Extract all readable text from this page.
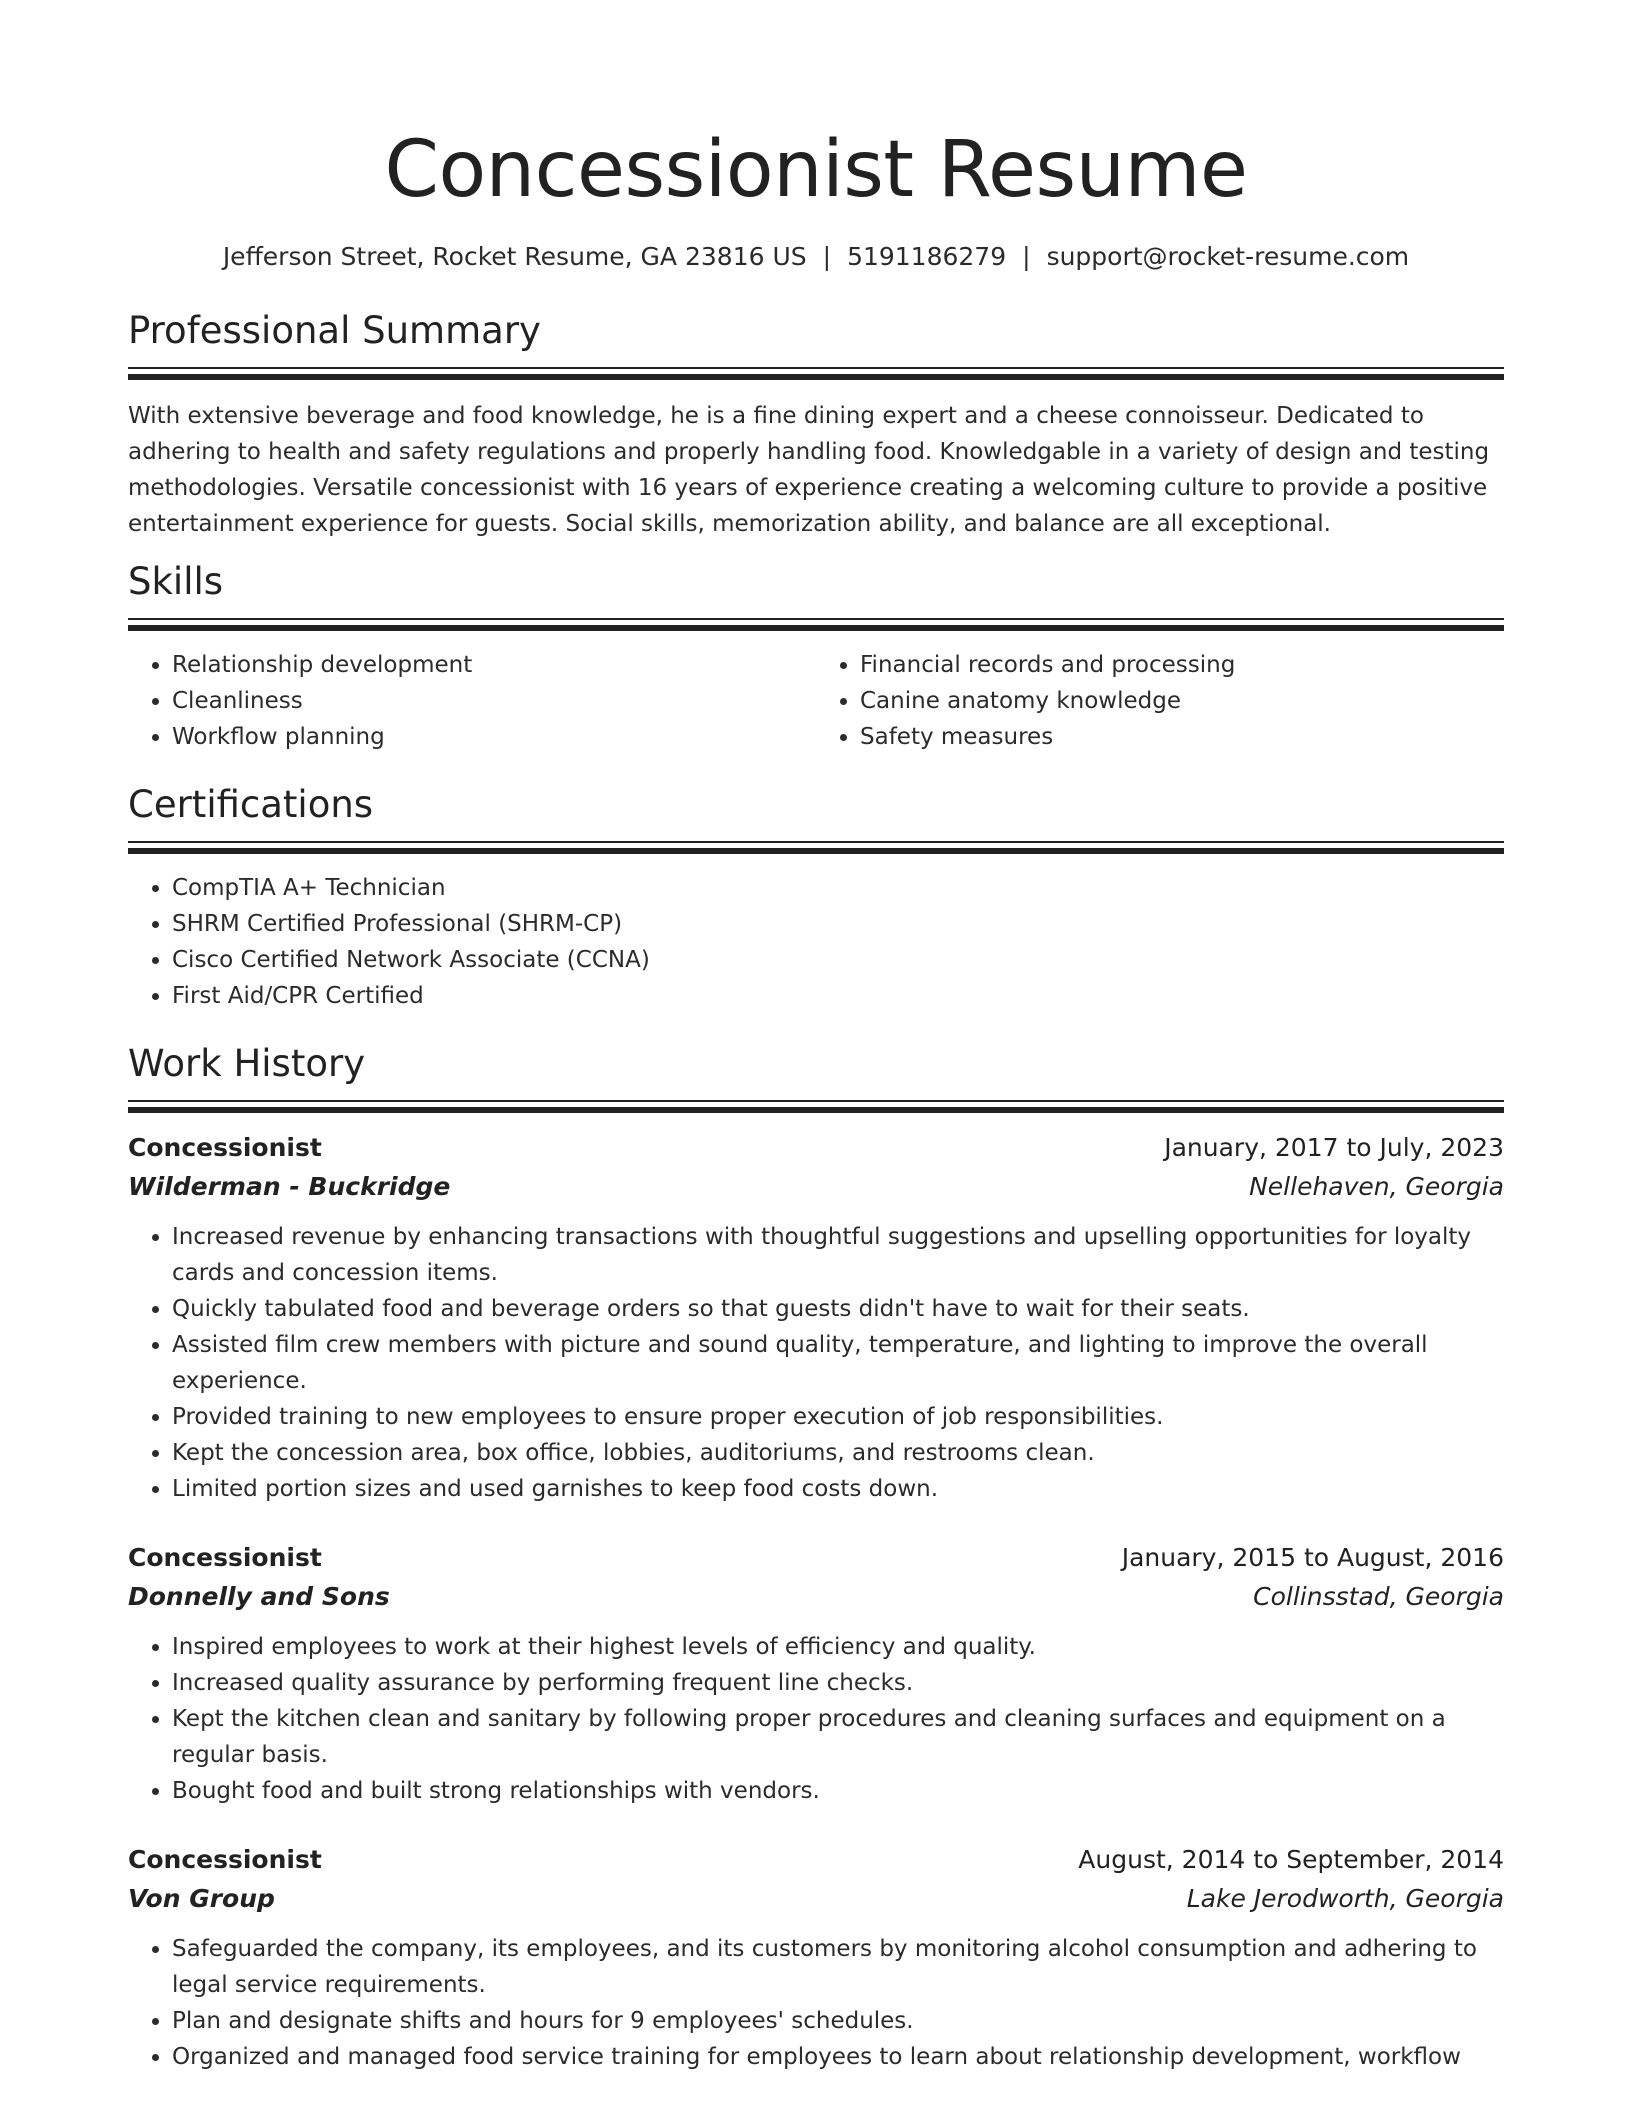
Concessionist Resume
Jefferson Street, Rocket Resume, GA 23816 US | 5191186279 | support@rocket-resume.com
Professional Summary

With extensive beverage and food knowledge, he is a fine dining expert and a cheese connoisseur. Dedicated to adhering to health and safety regulations and properly handling food. Knowledgable in a variety of design and testing methodologies. Versatile concessionist with 16 years of experience creating a welcoming culture to provide a positive entertainment experience for guests. Social skills, memorization ability, and balance are all exceptional.

Skills
• Relationship development
• Cleanliness
• Workflow planning
• Financial records and processing
• Canine anatomy knowledge
• Safety measures
Certifications
• CompTIA A+ Technician
• SHRM Certified Professional (SHRM-CP)
• Cisco Certified Network Associate (CCNA)
• First Aid/CPR Certified
Work History
Concessionist	January, 2017 to July, 2023
Wilderman - Buckridge	Nellehaven, Georgia
• Increased revenue by enhancing transactions with thoughtful suggestions and upselling opportunities for loyalty cards and concession items.
• Quickly tabulated food and beverage orders so that guests didn't have to wait for their seats.
• Assisted film crew members with picture and sound quality, temperature, and lighting to improve the overall experience.
• Provided training to new employees to ensure proper execution of job responsibilities.
• Kept the concession area, box office, lobbies, auditoriums, and restrooms clean.
• Limited portion sizes and used garnishes to keep food costs down.
Concessionist	January, 2015 to August, 2016
Donnelly and Sons	Collinsstad, Georgia
• Inspired employees to work at their highest levels of efficiency and quality.
• Increased quality assurance by performing frequent line checks.
• Kept the kitchen clean and sanitary by following proper procedures and cleaning surfaces and equipment on a regular basis.
• Bought food and built strong relationships with vendors.
Concessionist	August, 2014 to September, 2014
Von Group	Lake Jerodworth, Georgia
• Safeguarded the company, its employees, and its customers by monitoring alcohol consumption and adhering to legal service requirements.
• Plan and designate shifts and hours for 9 employees' schedules.
• Organized and managed food service training for employees to learn about relationship development, workflow
